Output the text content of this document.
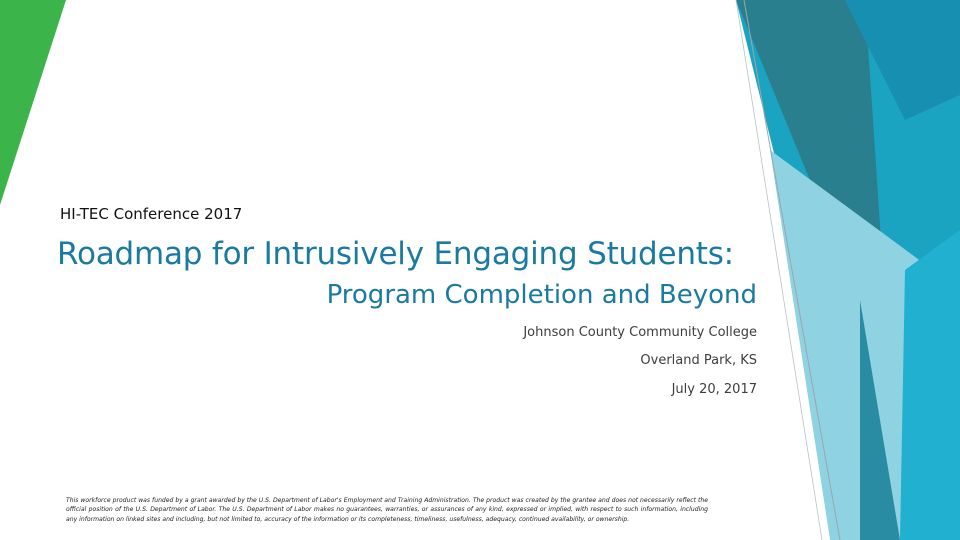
HI-TEC Conference 2017
Roadmap for Intrusively Engaging Students:
Program Completion and Beyond
Johnson County Community College
Overland Park, KS
July 20, 2017
This workforce product was funded by a grant awarded by the U.S. Department of Labor's Employment and Training Administration. The product was created by the grantee and does not necessarily reflect the official position of the U.S. Department of Labor. The U.S. Department of Labor makes no guarantees, warranties, or assurances of any kind, expressed or implied, with respect to such information, including any information on linked sites and including, but not limited to, accuracy of the information or its completeness, timeliness, usefulness, adequacy, continued availability, or ownership.
